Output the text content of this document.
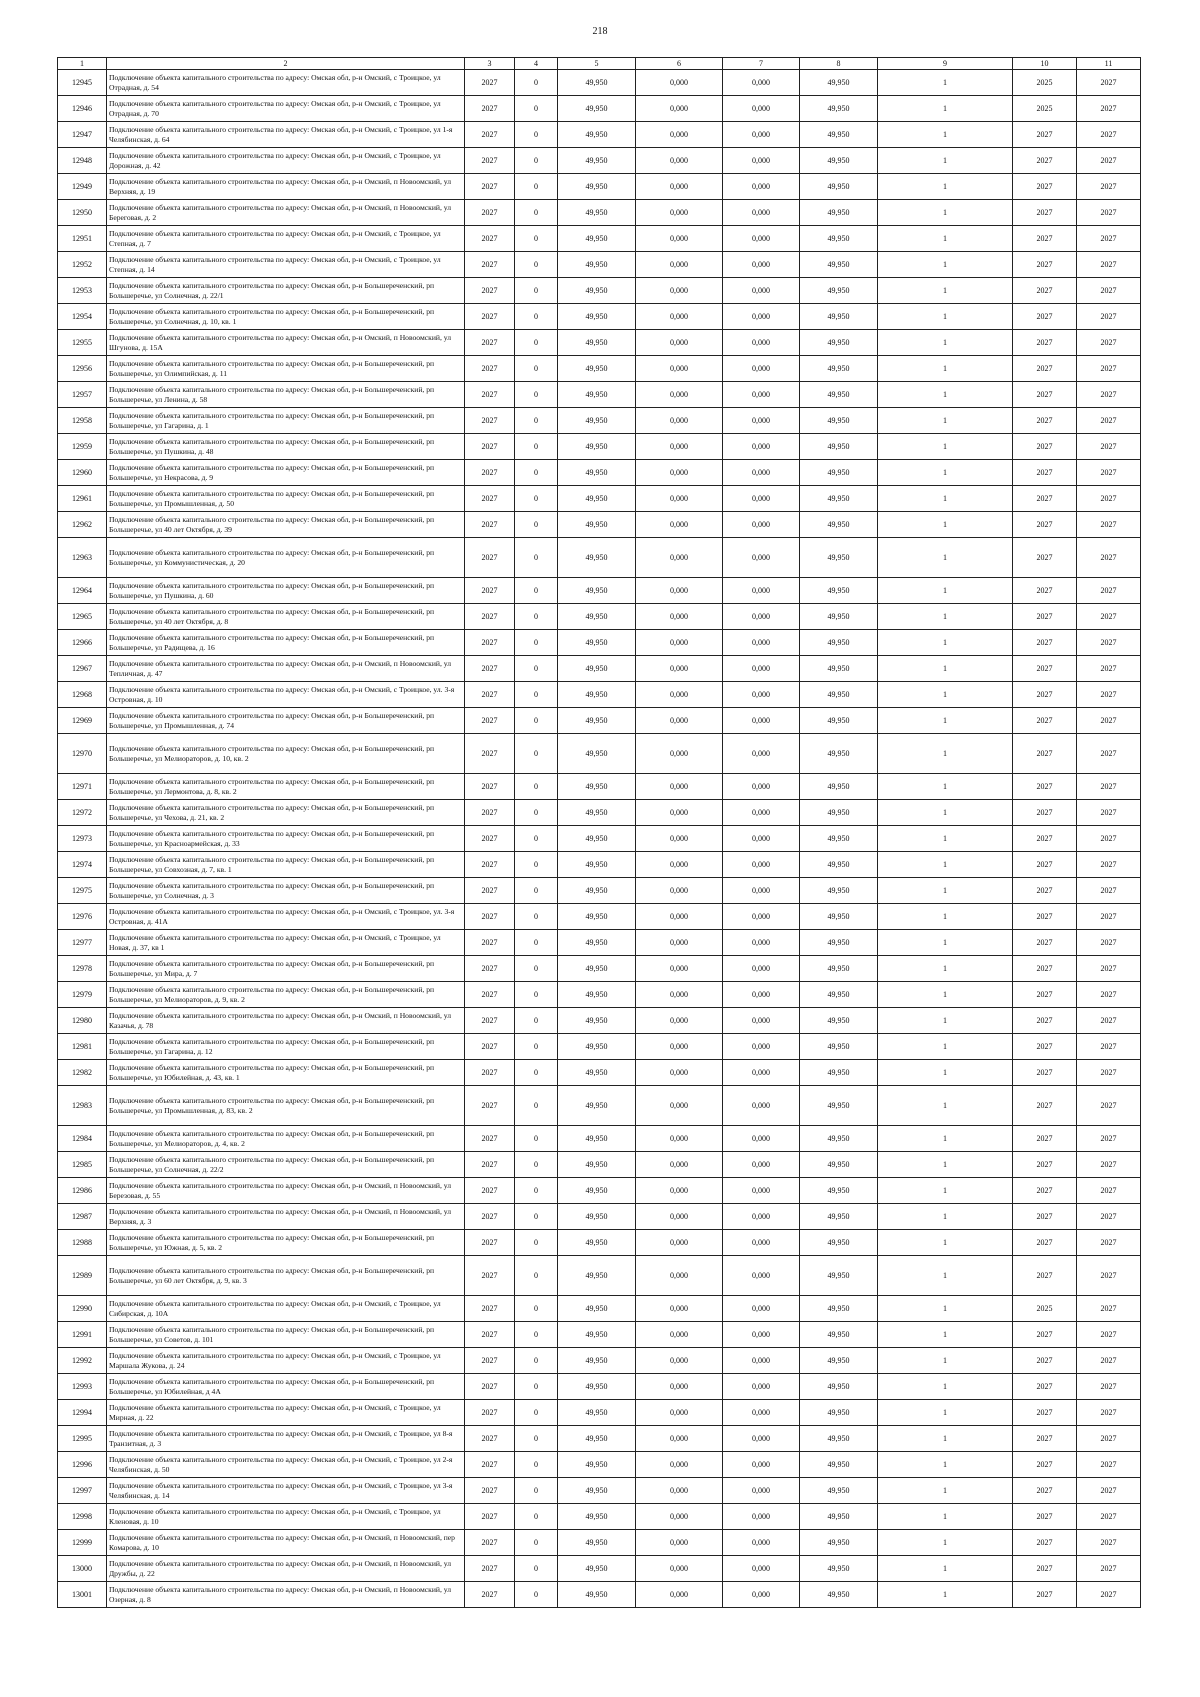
218
1	2	3	4	5	6	7	8	9	10	11
12945	Подключение объекта капитального строительства по адресу: Омская обл, р-н Омский, с Троицкое, ул Отрадная, д. 54	2027	0	49,950	0,000	0,000	49,950	1	2025	2027
12946	Подключение объекта капитального строительства по адресу: Омская обл, р-н Омский, с Троицкое, ул Отрадная, д. 70	2027	0	49,950	0,000	0,000	49,950	1	2025	2027
12947	Подключение объекта капитального строительства по адресу: Омская обл, р-н Омский, с Троицкое, ул 1-я Челябинская, д. 64	2027	0	49,950	0,000	0,000	49,950	1	2027	2027
12948	Подключение объекта капитального строительства по адресу: Омская обл, р-н Омский, с Троицкое, ул Дорожная, д. 42	2027	0	49,950	0,000	0,000	49,950	1	2027	2027
12949	Подключение объекта капитального строительства по адресу: Омская обл, р-н Омский, п Новоомский, ул Верхняя, д. 19	2027	0	49,950	0,000	0,000	49,950	1	2027	2027
12950	Подключение объекта капитального строительства по адресу: Омская обл, р-н Омский, п Новоомский, ул Береговая, д. 2	2027	0	49,950	0,000	0,000	49,950	1	2027	2027
12951	Подключение объекта капитального строительства по адресу: Омская обл, р-н Омский, с Троицкое, ул Степная, д. 7	2027	0	49,950	0,000	0,000	49,950	1	2027	2027
12952	Подключение объекта капитального строительства по адресу: Омская обл, р-н Омский, с Троицкое, ул Степная, д. 14	2027	0	49,950	0,000	0,000	49,950	1	2027	2027
12953	Подключение объекта капитального строительства по адресу: Омская обл, р-н Большереченский, рп Большеречье, ул Солнечная, д. 22/1	2027	0	49,950	0,000	0,000	49,950	1	2027	2027
12954	Подключение объекта капитального строительства по адресу: Омская обл, р-н Большереченский, рп Большеречье, ул Солнечная, д. 10, кв. 1	2027	0	49,950	0,000	0,000	49,950	1	2027	2027
12955	Подключение объекта капитального строительства по адресу: Омская обл, р-н Омский, п Новоомский, ул Шгунова, д. 15А	2027	0	49,950	0,000	0,000	49,950	1	2027	2027
12956	Подключение объекта капитального строительства по адресу: Омская обл, р-н Большереченский, рп Большеречье, ул Олимпийская, д. 11	2027	0	49,950	0,000	0,000	49,950	1	2027	2027
12957	Подключение объекта капитального строительства по адресу: Омская обл, р-н Большереченский, рп Большеречье, ул Ленина, д. 58	2027	0	49,950	0,000	0,000	49,950	1	2027	2027
12958	Подключение объекта капитального строительства по адресу: Омская обл, р-н Большереченский, рп Большеречье, ул Гагарина, д. 1	2027	0	49,950	0,000	0,000	49,950	1	2027	2027
12959	Подключение объекта капитального строительства по адресу: Омская обл, р-н Большереченский, рп Большеречье, ул Пушкина, д. 48	2027	0	49,950	0,000	0,000	49,950	1	2027	2027
12960	Подключение объекта капитального строительства по адресу: Омская обл, р-н Большереченский, рп Большеречье, ул Некрасова, д. 9	2027	0	49,950	0,000	0,000	49,950	1	2027	2027
12961	Подключение объекта капитального строительства по адресу: Омская обл, р-н Большереченский, рп Большеречье, ул Промышленная, д. 50	2027	0	49,950	0,000	0,000	49,950	1	2027	2027
12962	Подключение объекта капитального строительства по адресу: Омская обл, р-н Большереченский, рп Большеречье, ул 40 лет Октября, д. 39	2027	0	49,950	0,000	0,000	49,950	1	2027	2027
12963	Подключение объекта капитального строительства по адресу: Омская обл, р-н Большереченский, рп Большеречье, ул Коммунистическая, д. 20	2027	0	49,950	0,000	0,000	49,950	1	2027	2027
12964	Подключение объекта капитального строительства по адресу: Омская обл, р-н Большереченский, рп Большеречье, ул Пушкина, д. 60	2027	0	49,950	0,000	0,000	49,950	1	2027	2027
12965	Подключение объекта капитального строительства по адресу: Омская обл, р-н Большереченский, рп Большеречье, ул 40 лет Октября, д. 8	2027	0	49,950	0,000	0,000	49,950	1	2027	2027
12966	Подключение объекта капитального строительства по адресу: Омская обл, р-н Большереченский, рп Большеречье, ул Радищева, д. 16	2027	0	49,950	0,000	0,000	49,950	1	2027	2027
12967	Подключение объекта капитального строительства по адресу: Омская обл, р-н Омский, п Новоомский, ул Тепличная, д. 47	2027	0	49,950	0,000	0,000	49,950	1	2027	2027
12968	Подключение объекта капитального строительства по адресу: Омская обл, р-н Омский, с Троицкое, ул. 3-я Островная, д. 10	2027	0	49,950	0,000	0,000	49,950	1	2027	2027
12969	Подключение объекта капитального строительства по адресу: Омская обл, р-н Большереченский, рп Большеречье, ул Промышленная, д. 74	2027	0	49,950	0,000	0,000	49,950	1	2027	2027
12970	Подключение объекта капитального строительства по адресу: Омская обл, р-н Большереченский, рп Большеречье, ул Мелиораторов, д. 10, кв. 2	2027	0	49,950	0,000	0,000	49,950	1	2027	2027
12971	Подключение объекта капитального строительства по адресу: Омская обл, р-н Большереченский, рп Большеречье, ул Лермонтова, д. 8, кв. 2	2027	0	49,950	0,000	0,000	49,950	1	2027	2027
12972	Подключение объекта капитального строительства по адресу: Омская обл, р-н Большереченский, рп Большеречье, ул Чехова, д. 21, кв. 2	2027	0	49,950	0,000	0,000	49,950	1	2027	2027
12973	Подключение объекта капитального строительства по адресу: Омская обл, р-н Большереченский, рп Большеречье, ул Красноармейская, д. 33	2027	0	49,950	0,000	0,000	49,950	1	2027	2027
12974	Подключение объекта капитального строительства по адресу: Омская обл, р-н Большереченский, рп Большеречье, ул Совхозная, д. 7, кв. 1	2027	0	49,950	0,000	0,000	49,950	1	2027	2027
12975	Подключение объекта капитального строительства по адресу: Омская обл, р-н Большереченский, рп Большеречье, ул Солнечная, д. 3	2027	0	49,950	0,000	0,000	49,950	1	2027	2027
12976	Подключение объекта капитального строительства по адресу: Омская обл, р-н Омский, с Троицкое, ул. 3-я Островная, д. 41А	2027	0	49,950	0,000	0,000	49,950	1	2027	2027
12977	Подключение объекта капитального строительства по адресу: Омская обл, р-н Омский, с Троицкое, ул Новая, д. 37, кв 1	2027	0	49,950	0,000	0,000	49,950	1	2027	2027
12978	Подключение объекта капитального строительства по адресу: Омская обл, р-н Большереченский, рп Большеречье, ул Мира, д. 7	2027	0	49,950	0,000	0,000	49,950	1	2027	2027
12979	Подключение объекта капитального строительства по адресу: Омская обл, р-н Большереченский, рп Большеречье, ул Мелиораторов, д. 9, кв. 2	2027	0	49,950	0,000	0,000	49,950	1	2027	2027
12980	Подключение объекта капитального строительства по адресу: Омская обл, р-н Омский, п Новоомский, ул Казачья, д. 78	2027	0	49,950	0,000	0,000	49,950	1	2027	2027
12981	Подключение объекта капитального строительства по адресу: Омская обл, р-н Большереченский, рп Большеречье, ул Гагарина, д. 12	2027	0	49,950	0,000	0,000	49,950	1	2027	2027
12982	Подключение объекта капитального строительства по адресу: Омская обл, р-н Большереченский, рп Большеречье, ул Юбилейная, д. 43, кв. 1	2027	0	49,950	0,000	0,000	49,950	1	2027	2027
12983	Подключение объекта капитального строительства по адресу: Омская обл, р-н Большереченский, рп Большеречье, ул Промышленная, д. 83, кв. 2	2027	0	49,950	0,000	0,000	49,950	1	2027	2027
12984	Подключение объекта капитального строительства по адресу: Омская обл, р-н Большереченский, рп Большеречье, ул Мелиораторов, д. 4, кв. 2	2027	0	49,950	0,000	0,000	49,950	1	2027	2027
12985	Подключение объекта капитального строительства по адресу: Омская обл, р-н Большереченский, рп Большеречье, ул Солнечная, д. 22/2	2027	0	49,950	0,000	0,000	49,950	1	2027	2027
12986	Подключение объекта капитального строительства по адресу: Омская обл, р-н Омский, п Новоомский, ул Березовая, д. 55	2027	0	49,950	0,000	0,000	49,950	1	2027	2027
12987	Подключение объекта капитального строительства по адресу: Омская обл, р-н Омский, п Новоомский, ул Верхняя, д. 3	2027	0	49,950	0,000	0,000	49,950	1	2027	2027
12988	Подключение объекта капитального строительства по адресу: Омская обл, р-н Большереченский, рп Большеречье, ул Южная, д. 5, кв. 2	2027	0	49,950	0,000	0,000	49,950	1	2027	2027
12989	Подключение объекта капитального строительства по адресу: Омская обл, р-н Большереченский, рп Большеречье, ул 60 лет Октября, д. 9, кв. 3	2027	0	49,950	0,000	0,000	49,950	1	2027	2027
12990	Подключение объекта капитального строительства по адресу: Омская обл, р-н Омский, с Троицкое, ул Сибирская, д. 10А	2027	0	49,950	0,000	0,000	49,950	1	2025	2027
12991	Подключение объекта капитального строительства по адресу: Омская обл, р-н Большереченский, рп Большеречье, ул Советов, д. 101	2027	0	49,950	0,000	0,000	49,950	1	2027	2027
12992	Подключение объекта капитального строительства по адресу: Омская обл, р-н Омский, с Троицкое, ул Маршала Жукова, д. 24	2027	0	49,950	0,000	0,000	49,950	1	2027	2027
12993	Подключение объекта капитального строительства по адресу: Омская обл, р-н Большереченский, рп Большеречье, ул Юбилейная, д 4А	2027	0	49,950	0,000	0,000	49,950	1	2027	2027
12994	Подключение объекта капитального строительства по адресу: Омская обл, р-н Омский, с Троицкое, ул Мирная, д. 22	2027	0	49,950	0,000	0,000	49,950	1	2027	2027
12995	Подключение объекта капитального строительства по адресу: Омская обл, р-н Омский, с Троицкое, ул 8-я Транзитная, д. 3	2027	0	49,950	0,000	0,000	49,950	1	2027	2027
12996	Подключение объекта капитального строительства по адресу: Омская обл, р-н Омский, с Троицкое, ул 2-я Челябинская, д. 50	2027	0	49,950	0,000	0,000	49,950	1	2027	2027
12997	Подключение объекта капитального строительства по адресу: Омская обл, р-н Омский, с Троицкое, ул 3-я Челябинская, д. 14	2027	0	49,950	0,000	0,000	49,950	1	2027	2027
12998	Подключение объекта капитального строительства по адресу: Омская обл, р-н Омский, с Троицкое, ул Кленовая, д. 10	2027	0	49,950	0,000	0,000	49,950	1	2027	2027
12999	Подключение объекта капитального строительства по адресу: Омская обл, р-н Омский, п Новоомский, пер Комарова, д. 10	2027	0	49,950	0,000	0,000	49,950	1	2027	2027
13000	Подключение объекта капитального строительства по адресу: Омская обл, р-н Омский, п Новоомский, ул Дружбы, д. 22	2027	0	49,950	0,000	0,000	49,950	1	2027	2027
13001	Подключение объекта капитального строительства по адресу: Омская обл, р-н Омский, п Новоомский, ул Озерная, д. 8	2027	0	49,950	0,000	0,000	49,950	1	2027	2027
